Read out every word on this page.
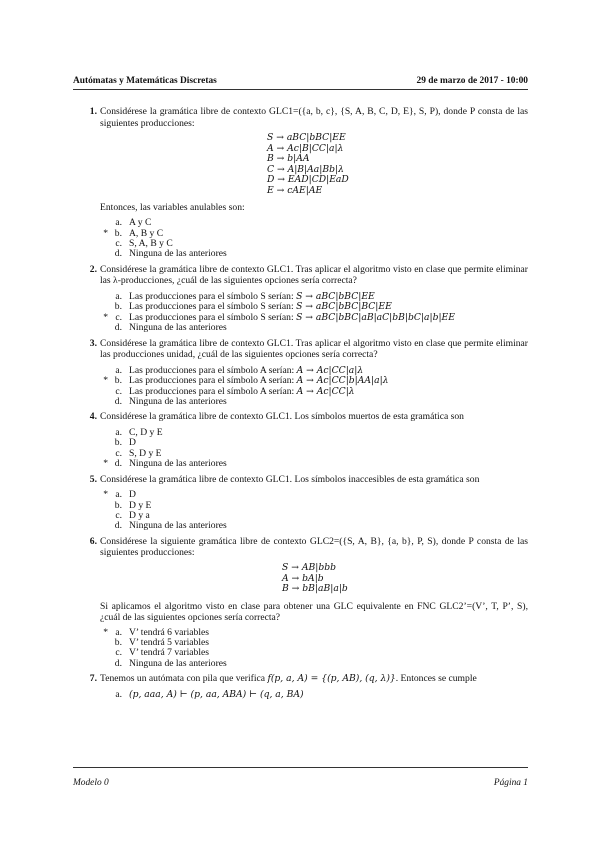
Autómatas y Matemáticas Discretas	29 de marzo de 2017 - 10:00
1. Considérese la gramática libre de contexto GLC1=({a, b, c}, {S, A, B, C, D, E}, S, P), donde P consta de las siguientes producciones:
S → aBC|bBC|EE
A → Ac|B|CC|a|λ
B → b|AA
C → A|B|Aa|Bb|λ
D → EAD|CD|EaD
E → cAE|AE
Entonces, las variables anulables son:
a. A y C
* b. A, B y C
c. S, A, B y C
d. Ninguna de las anteriores
2. Considérese la gramática libre de contexto GLC1. Tras aplicar el algoritmo visto en clase que permite eliminar las λ-producciones, ¿cuál de las siguientes opciones sería correcta?
a. Las producciones para el símbolo S serían: S → aBC|bBC|EE
b. Las producciones para el símbolo S serían: S → aBC|bBC|BC|EE
* c. Las producciones para el símbolo S serían: S → aBC|bBC|aB|aC|bB|bC|a|b|EE
d. Ninguna de las anteriores
3. Considérese la gramática libre de contexto GLC1. Tras aplicar el algoritmo visto en clase que permite eliminar las producciones unidad, ¿cuál de las siguientes opciones sería correcta?
a. Las producciones para el símbolo A serían: A → Ac|CC|a|λ
* b. Las producciones para el símbolo A serían: A → Ac|CC|b|AA|a|λ
c. Las producciones para el símbolo A serían: A → Ac|CC|λ
d. Ninguna de las anteriores
4. Considérese la gramática libre de contexto GLC1. Los símbolos muertos de esta gramática son
a. C, D y E
b. D
c. S, D y E
* d. Ninguna de las anteriores
5. Considérese la gramática libre de contexto GLC1. Los símbolos inaccesibles de esta gramática son
* a. D
b. D y E
c. D y a
d. Ninguna de las anteriores
6. Considérese la siguiente gramática libre de contexto GLC2=({S, A, B}, {a, b}, P, S), donde P consta de las siguientes producciones:
S → AB|bbb
A → bA|b
B → bB|aB|a|b
Si aplicamos el algoritmo visto en clase para obtener una GLC equivalente en FNC GLC2’=(V’, T, P’, S), ¿cuál de las siguientes opciones sería correcta?
* a. V’ tendrá 6 variables
b. V’ tendrá 5 variables
c. V’ tendrá 7 variables
d. Ninguna de las anteriores
7. Tenemos un autómata con pila que verifica f(p, a, A) = {(p, AB), (q, λ)}. Entonces se cumple
a. (p, aaa, A) ⊢ (p, aa, ABA) ⊢ (q, a, BA)
Modelo 0	Página 1
